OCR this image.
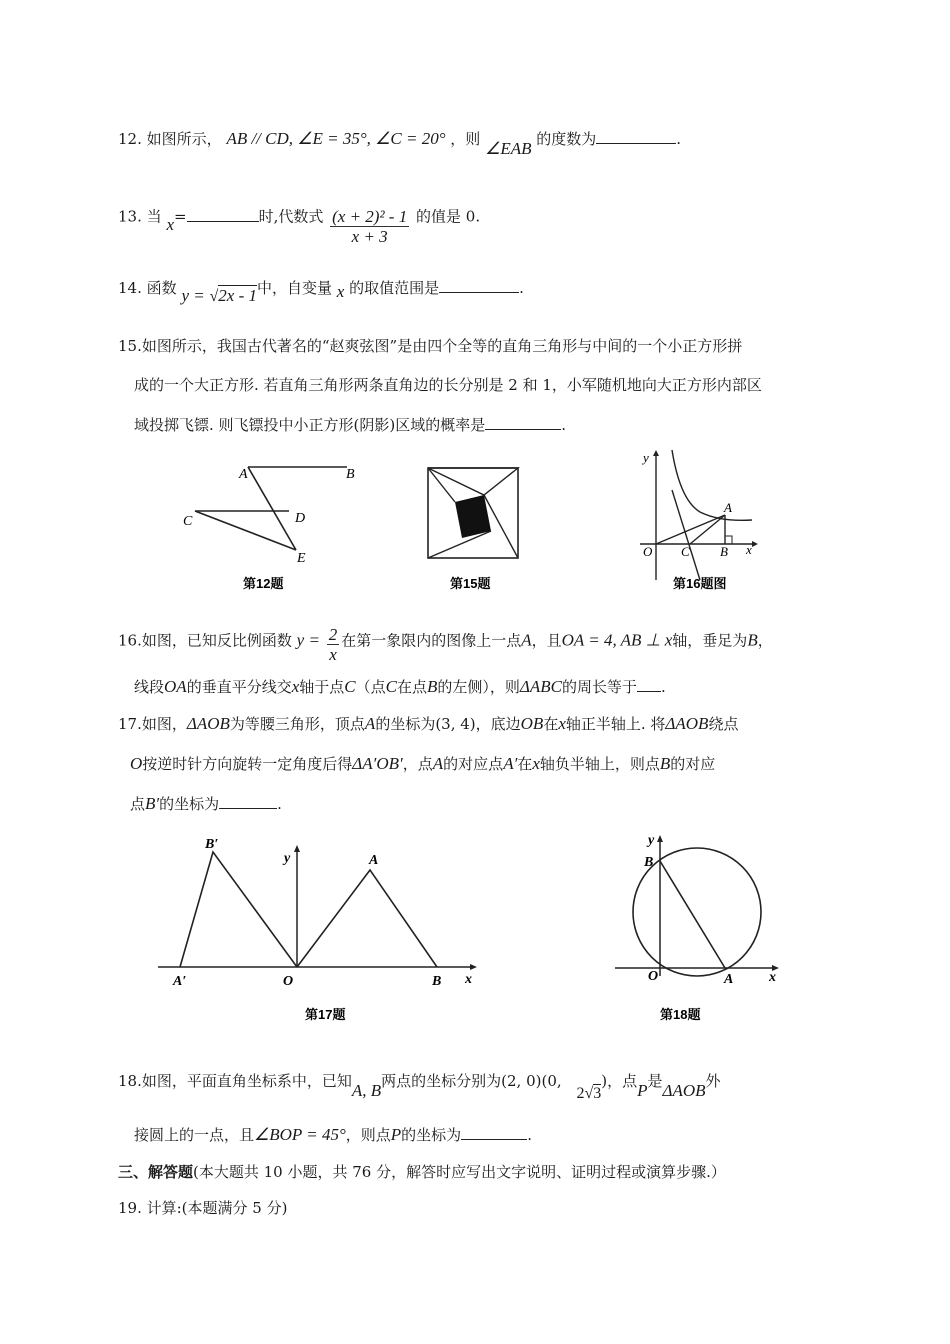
12. 如图所示， AB // CD, ∠E = 35°, ∠C = 20° ，则 ∠EAB 的度数为	.
13. 当 x=	时,代数式 $\frac{\text{(x + 2)² - 1}}{x + 3}$ 的值是 0.
14. 函数 y = √2x - 1中，自变量 x 的取值范围是	.
15.如图所示，我国古代著名的“赵爽弦图”是由四个全等的直角三角形与中间的一个小正方形拼
成的一个大正方形. 若直角三角形两条直角边的长分别是 2 和 1，小军随机地向大正方形内部区
域投掷飞镖. 则飞镖投中小正方形(阴影)区域的概率是	.
A	B
C	D
E
第12题	第15题
y
A
O C B x
第16题图
16.如图，已知反比例函数 $y = \frac{2}{x}$ 在第一象限内的图像上一点A，且OA = 4, AB ⊥ x轴，垂足为B，
线段OA的垂直平分线交x轴于点C（点C在点B的左侧），则ΔABC的周长等于 .
17.如图，ΔAOB为等腰三角形，顶点A的坐标为(3, 4)，底边OB在x轴正半轴上. 将ΔAOB绕点
O按逆时针方向旋转一定角度后得ΔA′OB′，点A的对应点A′在x轴负半轴上，则点B的对应
点B′的坐标为	.
B′
y	A
A′	O	B x
第17题
y
B
O	A	x
第18题
18.如图，平面直角坐标系中，已知A, B两点的坐标分别为(2, 0)(0, 2√3)，点P是ΔAOB外
接圆上的一点，且∠BOP = 45°，则点P的坐标为	.
三、解答题(本大题共 10 小题，共 76 分，解答时应写出文字说明、证明过程或演算步骤.）
19. 计算:(本题满分 5 分)
